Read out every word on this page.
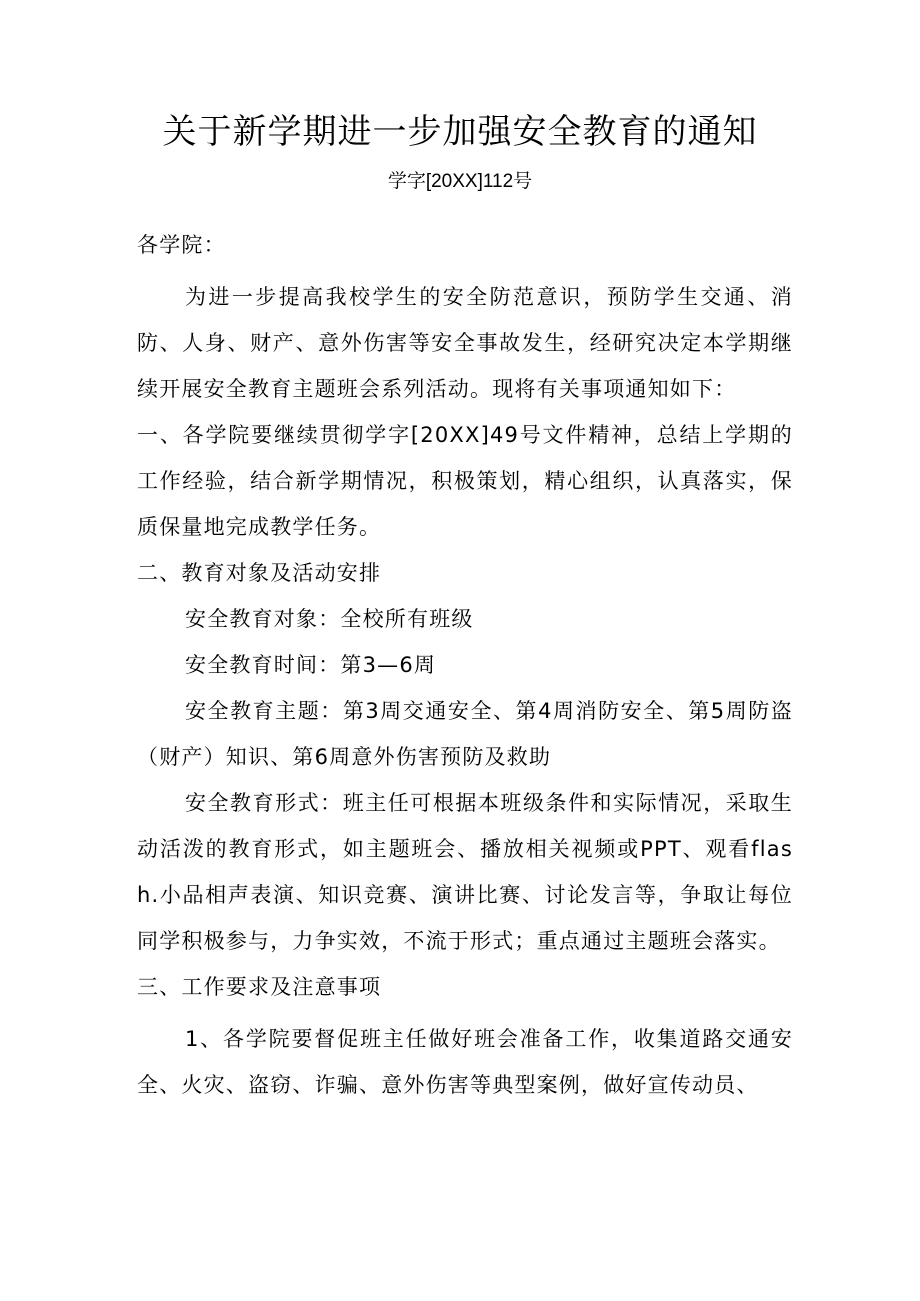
关于新学期进一步加强安全教育的通知
学字[20XX]112号

各学院：

为进一步提高我校学生的安全防范意识，预防学生交通、消防、人身、财产、意外伤害等安全事故发生，经研究决定本学期继续开展安全教育主题班会系列活动。现将有关事项通知如下：

一、各学院要继续贯彻学字[20XX]49号文件精神，总结上学期的工作经验，结合新学期情况，积极策划，精心组织，认真落实，保质保量地完成教学任务。

二、教育对象及活动安排

安全教育对象：全校所有班级

安全教育时间：第3—6周

安全教育主题：第3周交通安全、第4周消防安全、第5周防盗（财产）知识、第6周意外伤害预防及救助

安全教育形式：班主任可根据本班级条件和实际情况，采取生动活泼的教育形式，如主题班会、播放相关视频或PPT、观看flash.小品相声表演、知识竞赛、演讲比赛、讨论发言等，争取让每位同学积极参与，力争实效，不流于形式；重点通过主题班会落实。

三、工作要求及注意事项

1、各学院要督促班主任做好班会准备工作，收集道路交通安全、火灾、盗窃、诈骗、意外伤害等典型案例，做好宣传动员、
